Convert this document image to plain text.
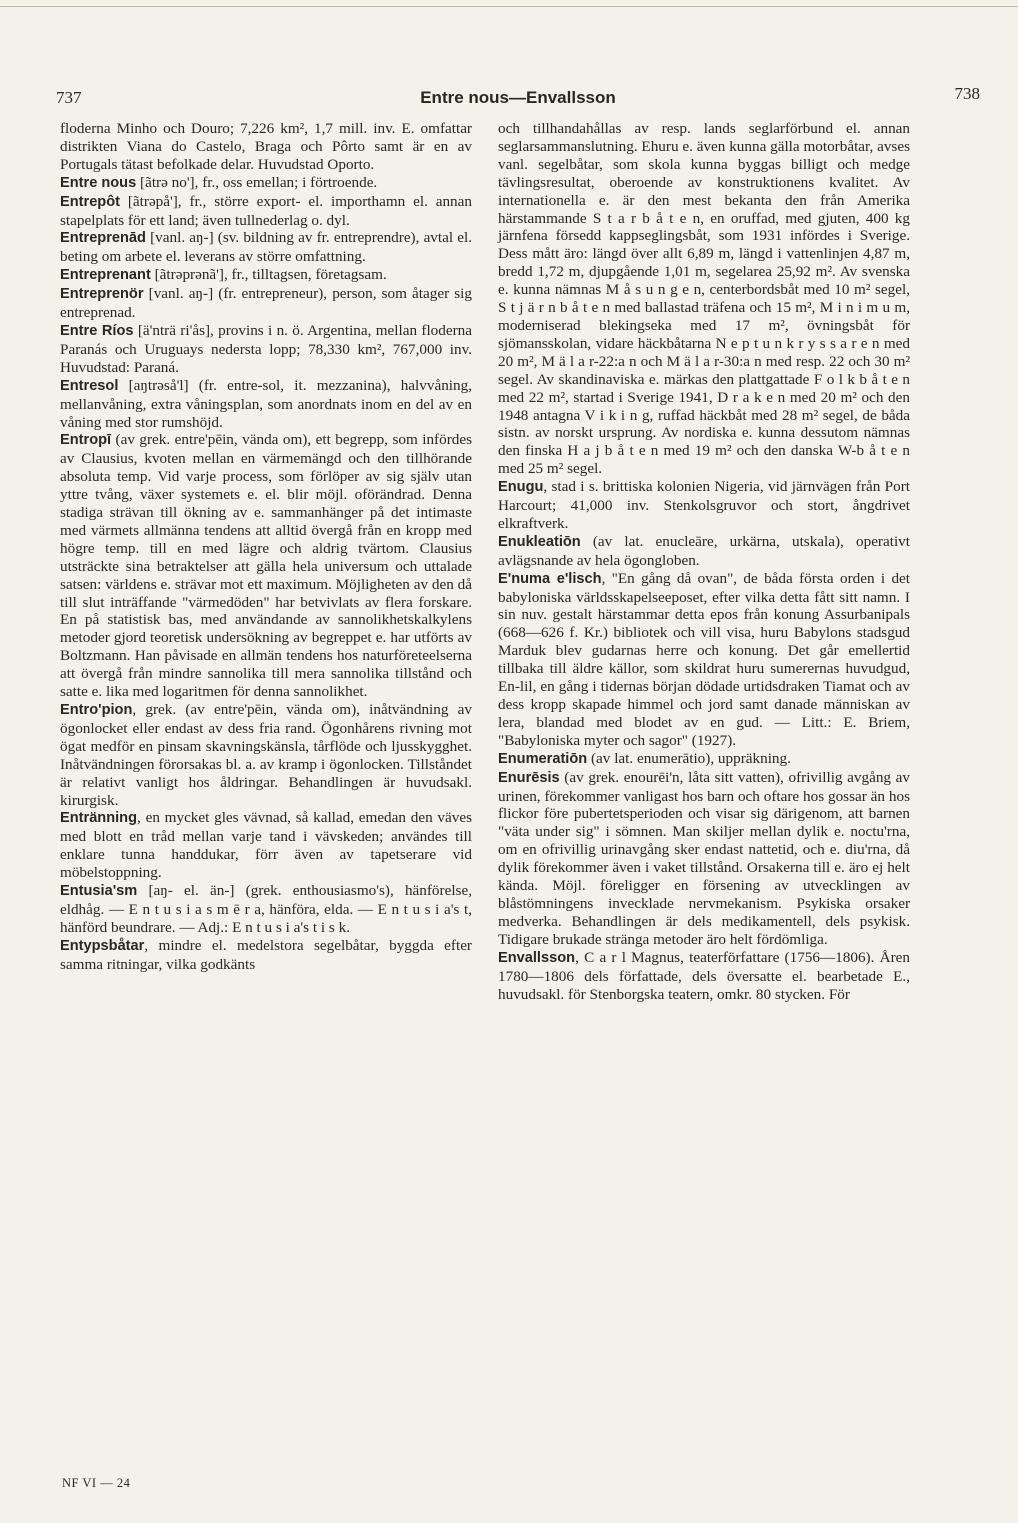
737	Entre nous—Envallsson	738

floderna Minho och Douro; 7,226 km², 1,7 mill. inv. E. omfattar distrikten Viana do Castelo, Braga och Pôrto samt är en av Portugals tätast befolkade delar. Huvudstad Oporto.

Entre nous [ãtrə no'], fr., oss emellan; i förtroende.

Entrepôt [ãtrəpå'], fr., större export- el. importhamn el. annan stapelplats för ett land; även tullnederlag o. dyl.

Entreprenād [vanl. aŋ-] (sv. bildning av fr. entreprendre), avtal el. beting om arbete el. leverans av större omfattning.

Entreprenant [ãtrəprənã'], fr., tilltagsen, företagsam.

Entreprenör [vanl. aŋ-] (fr. entrepreneur), person, som åtager sig entreprenad.

Entre Ríos [ä'nträ ri'ås], provins i n. ö. Argentina, mellan floderna Paranás och Uruguays nedersta lopp; 78,330 km², 767,000 inv. Huvudstad: Paraná.

Entresol [aŋtrəså'l] (fr. entre-sol, it. mezzanina), halvvåning, mellanvåning, extra våningsplan, som anordnats inom en del av en våning med stor rumshöjd.

Entropī (av grek. entre'pēin, vända om), ett begrepp, som infördes av Clausius, kvoten mellan en värmemängd och den tillhörande absoluta temp. Vid varje process, som förlöper av sig själv utan yttre tvång, växer systemets e. el. blir möjl. oförändrad. Denna stadiga strävan till ökning av e. sammanhänger på det intimaste med värmets allmänna tendens att alltid övergå från en kropp med högre temp. till en med lägre och aldrig tvärtom. Clausius utsträckte sina betraktelser att gälla hela universum och uttalade satsen: världens e. strävar mot ett maximum. Möjligheten av den då till slut inträffande "värmedöden" har betvivlats av flera forskare. En på statistisk bas, med användande av sannolikhetskalkylens metoder gjord teoretisk undersökning av begreppet e. har utförts av Boltzmann. Han påvisade en allmän tendens hos naturföreteelserna att övergå från mindre sannolika till mera sannolika tillstånd och satte e. lika med logaritmen för denna sannolikhet.

Entro'pion, grek. (av entre'pēin, vända om), inåtvändning av ögonlocket eller endast av dess fria rand. Ögonhårens rivning mot ögat medför en pinsam skavningskänsla, tårflöde och ljusskygghet. Inåtvändningen förorsakas bl. a. av kramp i ögonlocken. Tillståndet är relativt vanligt hos åldringar. Behandlingen är huvudsakl. kirurgisk.

Entränning, en mycket gles vävnad, så kallad, emedan den väves med blott en tråd mellan varje tand i vävskeden; användes till enklare tunna handdukar, förr även av tapetserare vid möbelstoppning.

Entusia'sm [aŋ- el. än-] (grek. enthousiasmo's), hänförelse, eldhåg. — E n t u s i a s m ē r a, hänföra, elda. — E n t u s i a's t, hänförd beundrare. — Adj.: E n t u s i a's t i s k.

Entypsbåtar, mindre el. medelstora segelbåtar, byggda efter samma ritningar, vilka godkänts

och tillhandahållas av resp. lands seglarförbund el. annan seglarsammanslutning. Ehuru e. även kunna gälla motorbåtar, avses vanl. segelbåtar, som skola kunna byggas billigt och medge tävlingsresultat, oberoende av konstruktionens kvalitet. Av internationella e. är den mest bekanta den från Amerika härstammande S t a r b å t e n, en oruffad, med gjuten, 400 kg järnfena försedd kappseglingsbåt, som 1931 infördes i Sverige. Dess mått äro: längd över allt 6,89 m, längd i vattenlinjen 4,87 m, bredd 1,72 m, djupgående 1,01 m, segelarea 25,92 m². Av svenska e. kunna nämnas M å s u n g e n, centerbordsbåt med 10 m² segel, S t j ä r n b å t e n med ballastad träfena och 15 m², M i n i m u m, moderniserad blekingseka med 17 m², övningsbåt för sjömansskolan, vidare häckbåtarna N e p t u n k r y s s a r e n med 20 m², M ä l a r-22:a n och M ä l a r-30:a n med resp. 22 och 30 m² segel. Av skandinaviska e. märkas den plattgattade F o l k b å t e n med 22 m², startad i Sverige 1941, D r a k e n med 20 m² och den 1948 antagna V i k i n g, ruffad häckbåt med 28 m² segel, de båda sistn. av norskt ursprung. Av nordiska e. kunna dessutom nämnas den finska H a j b å t e n med 19 m² och den danska W-b å t e n med 25 m² segel.

Enugu, stad i s. brittiska kolonien Nigeria, vid järnvägen från Port Harcourt; 41,000 inv. Stenkolsgruvor och stort, ångdrivet elkraftverk.

Enukleatiōn (av lat. enucleāre, urkärna, utskala), operativt avlägsnande av hela ögongloben.

E'numa e'lisch, "En gång då ovan", de båda första orden i det babyloniska världsskapelseeposet, efter vilka detta fått sitt namn. I sin nuv. gestalt härstammar detta epos från konung Assurbanipals (668—626 f. Kr.) bibliotek och vill visa, huru Babylons stadsgud Marduk blev gudarnas herre och konung. Det går emellertid tillbaka till äldre källor, som skildrat huru sumerernas huvudgud, En-lil, en gång i tidernas början dödade urtidsdraken Tiamat och av dess kropp skapade himmel och jord samt danade människan av lera, blandad med blodet av en gud. — Litt.: E. Briem, "Babyloniska myter och sagor" (1927).

Enumeratiōn (av lat. enumerātio), uppräkning.

Enurēsis (av grek. enourēi'n, låta sitt vatten), ofrivillig avgång av urinen, förekommer vanligast hos barn och oftare hos gossar än hos flickor före pubertetsperioden och visar sig därigenom, att barnen "väta under sig" i sömnen. Man skiljer mellan dylik e. noctu'rna, om en ofrivillig urinavgång sker endast nattetid, och e. diu'rna, då dylik förekommer även i vaket tillstånd. Orsakerna till e. äro ej helt kända. Möjl. föreligger en försening av utvecklingen av blåstömningens invecklade nervmekanism. Psykiska orsaker medverka. Behandlingen är dels medikamentell, dels psykisk. Tidigare brukade stränga metoder äro helt fördömliga.

Envallsson, C a r l Magnus, teaterförfattare (1756—1806). Åren 1780—1806 dels författade, dels översatte el. bearbetade E., huvudsakl. för Stenborgska teatern, omkr. 80 stycken. För

NF VI — 24
